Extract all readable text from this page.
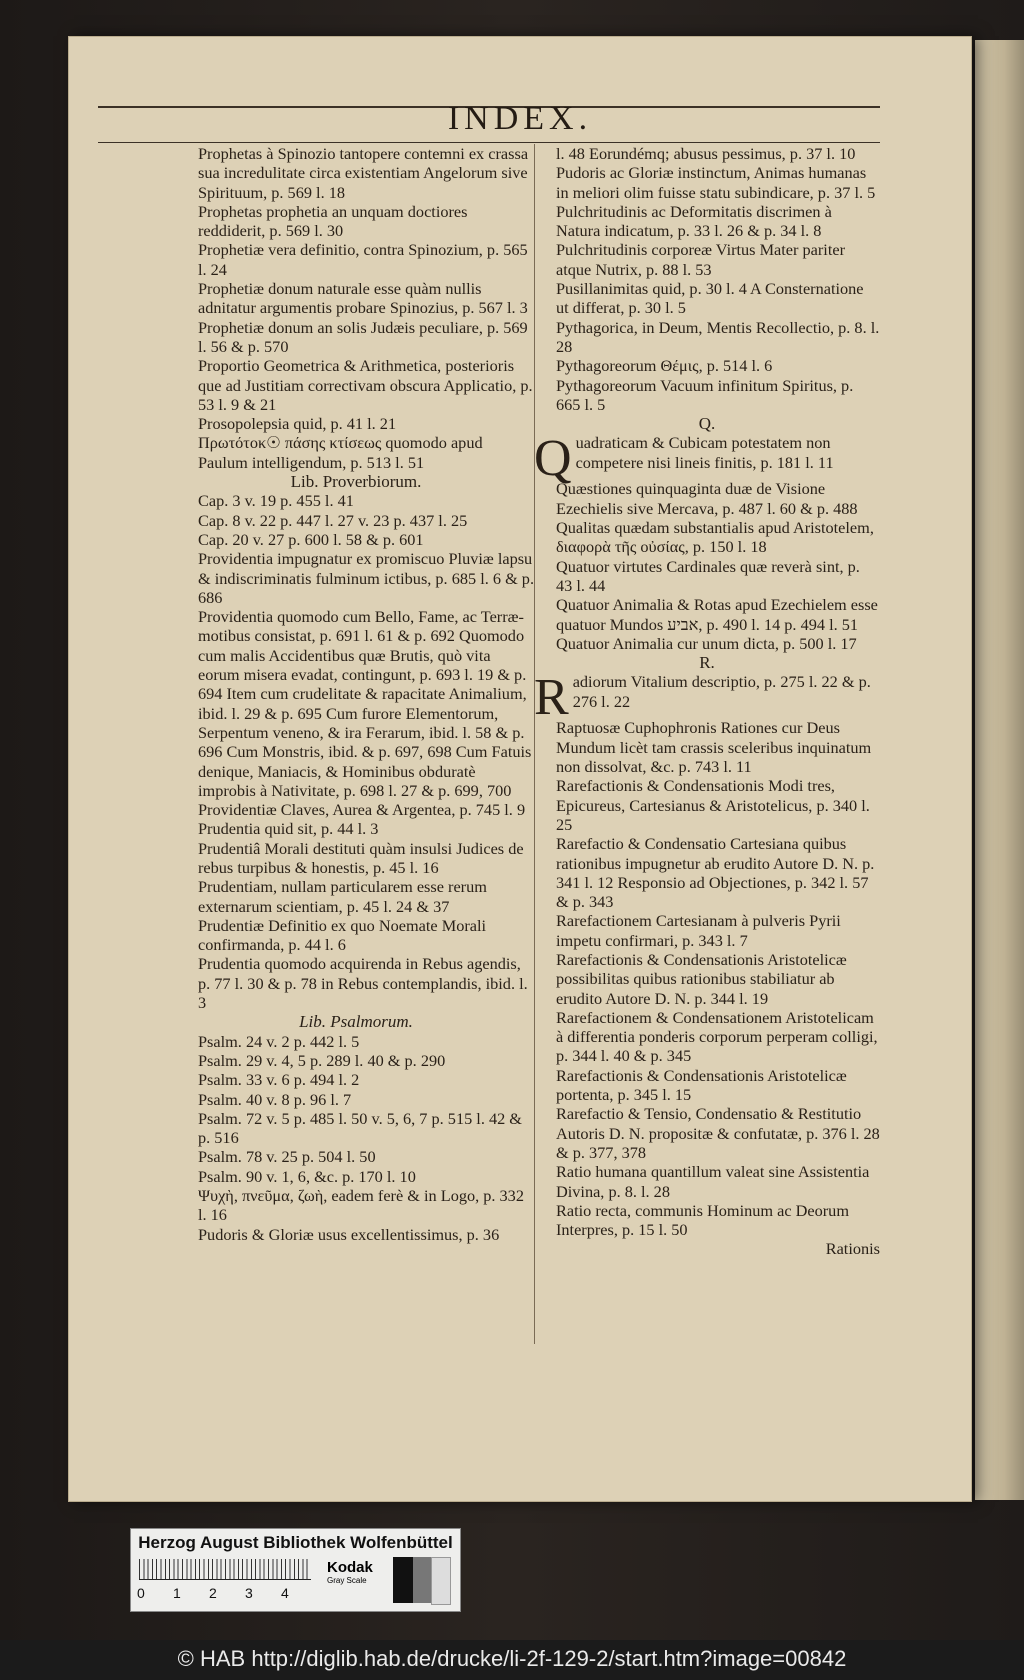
INDEX.

Prophetas à Spinozio tantopere contemni ex crassa sua incredulitate circa existentiam Angelorum sive Spirituum, p. 569 l. 18

Prophetas prophetia an unquam doctiores reddiderit, p. 569 l. 30

Prophetiæ vera definitio, contra Spinozium, p. 565 l. 24

Prophetiæ donum naturale esse quàm nullis adnitatur argumentis probare Spinozius, p. 567 l. 3

Prophetiæ donum an solis Judæis peculiare, p. 569 l. 56 & p. 570

Proportio Geometrica & Arithmetica, posterioris que ad Justitiam correctivam obscura Applicatio, p. 53 l. 9 & 21

Prosopolepsia quid, p. 41 l. 21

Πρωτότοκ☉ πάσης κτίσεως quomodo apud Paulum intelligendum, p. 513 l. 51

Lib. Proverbiorum.

Cap. 3 v. 19 p. 455 l. 41

Cap. 8 v. 22 p. 447 l. 27 v. 23 p. 437 l. 25

Cap. 20 v. 27 p. 600 l. 58 & p. 601

Providentia impugnatur ex promiscuo Pluviæ lapsu & indiscriminatis fulminum ictibus, p. 685 l. 6 & p. 686

Providentia quomodo cum Bello, Fame, ac Terræ-motibus consistat, p. 691 l. 61 & p. 692 Quomodo cum malis Accidentibus quæ Brutis, quò vita eorum misera evadat, contingunt, p. 693 l. 19 & p. 694 Item cum crudelitate & rapacitate Animalium, ibid. l. 29 & p. 695 Cum furore Elementorum, Serpentum veneno, & ira Ferarum, ibid. l. 58 & p. 696 Cum Monstris, ibid. & p. 697, 698 Cum Fatuis denique, Maniacis, & Hominibus obduratè improbis à Nativitate, p. 698 l. 27 & p. 699, 700

Providentiæ Claves, Aurea & Argentea, p. 745 l. 9

Prudentia quid sit, p. 44 l. 3

Prudentiâ Morali destituti quàm insulsi Judices de rebus turpibus & honestis, p. 45 l. 16

Prudentiam, nullam particularem esse rerum externarum scientiam, p. 45 l. 24 & 37

Prudentiæ Definitio ex quo Noemate Morali confirmanda, p. 44 l. 6

Prudentia quomodo acquirenda in Rebus agendis, p. 77 l. 30 & p. 78 in Rebus contemplandis, ibid. l. 3

Lib. Psalmorum.

Psalm. 24 v. 2 p. 442 l. 5

Psalm. 29 v. 4, 5 p. 289 l. 40 & p. 290

Psalm. 33 v. 6 p. 494 l. 2

Psalm. 40 v. 8 p. 96 l. 7

Psalm. 72 v. 5 p. 485 l. 50 v. 5, 6, 7 p. 515 l. 42 & p. 516

Psalm. 78 v. 25 p. 504 l. 50

Psalm. 90 v. 1, 6, &c. p. 170 l. 10

Ψυχὴ, πνεῦμα, ζωὴ, eadem ferè & in Logo, p. 332 l. 16

Pudoris & Gloriæ usus excellentissimus, p. 36

l. 48 Eorundémq; abusus pessimus, p. 37 l. 10

Pudoris ac Gloriæ instinctum, Animas humanas in meliori olim fuisse statu subindicare, p. 37 l. 5

Pulchritudinis ac Deformitatis discrimen à Natura indicatum, p. 33 l. 26 & p. 34 l. 8

Pulchritudinis corporeæ Virtus Mater pariter atque Nutrix, p. 88 l. 53

Pusillanimitas quid, p. 30 l. 4 A Consternatione ut differat, p. 30 l. 5

Pythagorica, in Deum, Mentis Recollectio, p. 8. l. 28

Pythagoreorum Θέμις, p. 514 l. 6

Pythagoreorum Vacuum infinitum Spiritus, p. 665 l. 5

Q.

Quadraticam & Cubicam potestatem non competere nisi lineis finitis, p. 181 l. 11

Quæstiones quinquaginta duæ de Visione Ezechielis sive Mercava, p. 487 l. 60 & p. 488

Qualitas quædam substantialis apud Aristotelem, διαφορὰ τῆς οὐσίας, p. 150 l. 18

Quatuor virtutes Cardinales quæ reverà sint, p. 43 l. 44

Quatuor Animalia & Rotas apud Ezechielem esse quatuor Mundos אביע, p. 490 l. 14 p. 494 l. 51

Quatuor Animalia cur unum dicta, p. 500 l. 17

R.

Radiorum Vitalium descriptio, p. 275 l. 22 & p. 276 l. 22

Raptuosæ Cuphophronis Rationes cur Deus Mundum licèt tam crassis sceleribus inquinatum non dissolvat, &c. p. 743 l. 11

Rarefactionis & Condensationis Modi tres, Epicureus, Cartesianus & Aristotelicus, p. 340 l. 25

Rarefactio & Condensatio Cartesiana quibus rationibus impugnetur ab erudito Autore D. N. p. 341 l. 12 Responsio ad Objectiones, p. 342 l. 57 & p. 343

Rarefactionem Cartesianam à pulveris Pyrii impetu confirmari, p. 343 l. 7

Rarefactionis & Condensationis Aristotelicæ possibilitas quibus rationibus stabiliatur ab erudito Autore D. N. p. 344 l. 19

Rarefactionem & Condensationem Aristotelicam à differentia ponderis corporum perperam colligi, p. 344 l. 40 & p. 345

Rarefactionis & Condensationis Aristotelicæ portenta, p. 345 l. 15

Rarefactio & Tensio, Condensatio & Restitutio Autoris D. N. propositæ & confutatæ, p. 376 l. 28 & p. 377, 378

Ratio humana quantillum valeat sine Assistentia Divina, p. 8. l. 28

Ratio recta, communis Hominum ac Deorum Interpres, p. 15 l. 50

Rationis

Herzog August Bibliothek Wolfenbüttel
0 1 2 3 4
Kodak
Gray Scale
© HAB http://diglib.hab.de/drucke/li-2f-129-2/start.htm?image=00842
